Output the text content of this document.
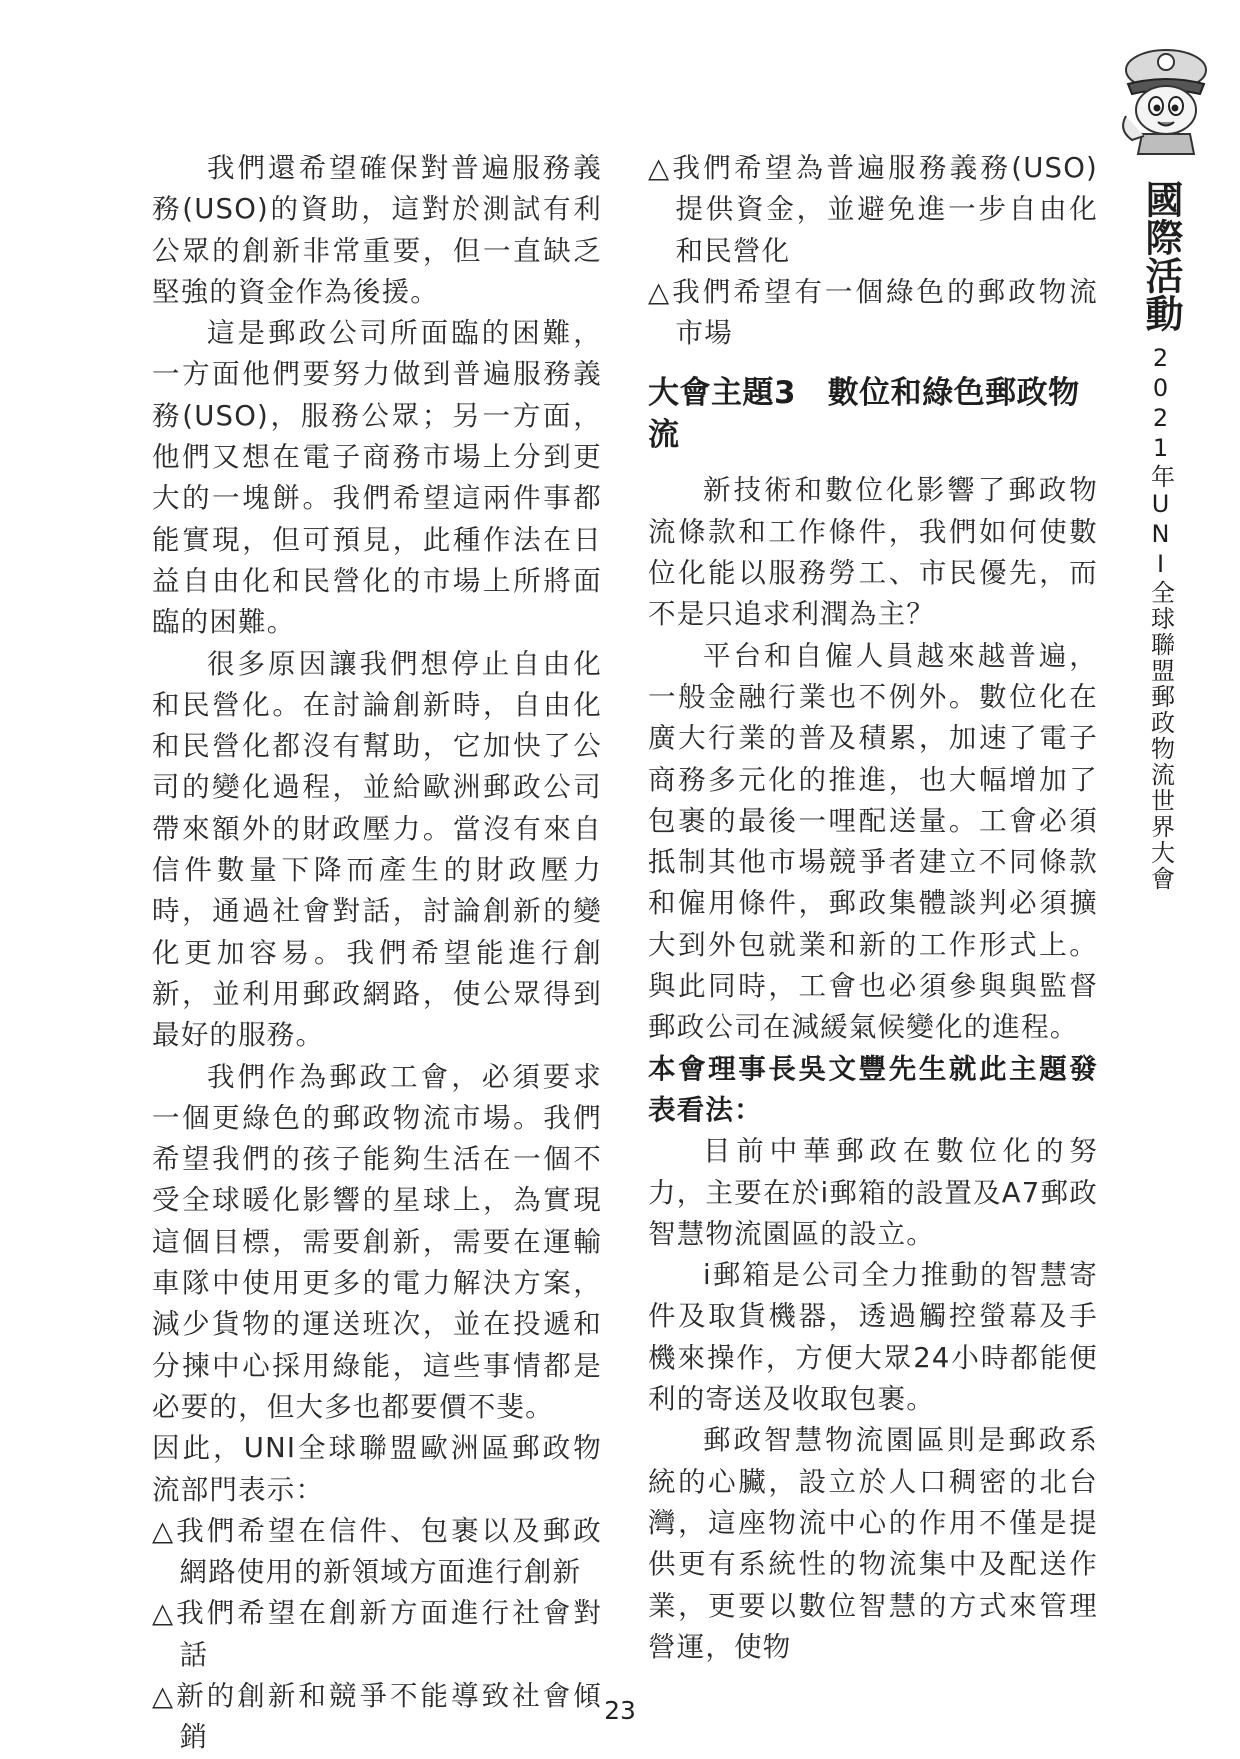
我們還希望確保對普遍服務義務(USO)的資助，這對於測試有利公眾的創新非常重要，但一直缺乏堅強的資金作為後援。

這是郵政公司所面臨的困難，一方面他們要努力做到普遍服務義務(USO)，服務公眾；另一方面，他們又想在電子商務市場上分到更大的一塊餅。我們希望這兩件事都能實現，但可預見，此種作法在日益自由化和民營化的市場上所將面臨的困難。

很多原因讓我們想停止自由化和民營化。在討論創新時，自由化和民營化都沒有幫助，它加快了公司的變化過程，並給歐洲郵政公司帶來額外的財政壓力。當沒有來自信件數量下降而產生的財政壓力時，通過社會對話，討論創新的變化更加容易。我們希望能進行創新，並利用郵政網路，使公眾得到最好的服務。

我們作為郵政工會，必須要求一個更綠色的郵政物流市場。我們希望我們的孩子能夠生活在一個不受全球暖化影響的星球上，為實現這個目標，需要創新，需要在運輸車隊中使用更多的電力解決方案，減少貨物的運送班次，並在投遞和分揀中心採用綠能，這些事情都是必要的，但大多也都要價不斐。

因此，UNI全球聯盟歐洲區郵政物流部門表示：

△我們希望在信件、包裹以及郵政網路使用的新領域方面進行創新

△我們希望在創新方面進行社會對話

△新的創新和競爭不能導致社會傾銷

△我們希望為普遍服務義務(USO)提供資金，並避免進一步自由化和民營化

△我們希望有一個綠色的郵政物流市場

大會主題3　數位和綠色郵政物流

新技術和數位化影響了郵政物流條款和工作條件，我們如何使數位化能以服務勞工、市民優先，而不是只追求利潤為主？

平台和自僱人員越來越普遍，一般金融行業也不例外。數位化在廣大行業的普及積累，加速了電子商務多元化的推進，也大幅增加了包裹的最後一哩配送量。工會必須抵制其他市場競爭者建立不同條款和僱用條件，郵政集體談判必須擴大到外包就業和新的工作形式上。與此同時，工會也必須參與與監督郵政公司在減緩氣候變化的進程。

本會理事長吳文豐先生就此主題發表看法：

目前中華郵政在數位化的努力，主要在於i郵箱的設置及A7郵政智慧物流園區的設立。

i郵箱是公司全力推動的智慧寄件及取貨機器，透過觸控螢幕及手機來操作，方便大眾24小時都能便利的寄送及收取包裹。

郵政智慧物流園區則是郵政系統的心臟，設立於人口稠密的北台灣，這座物流中心的作用不僅是提供更有系統性的物流集中及配送作業，更要以數位智慧的方式來管理營運，使物

國際活動
2021年UNI全球聯盟郵政物流世界大會
23
